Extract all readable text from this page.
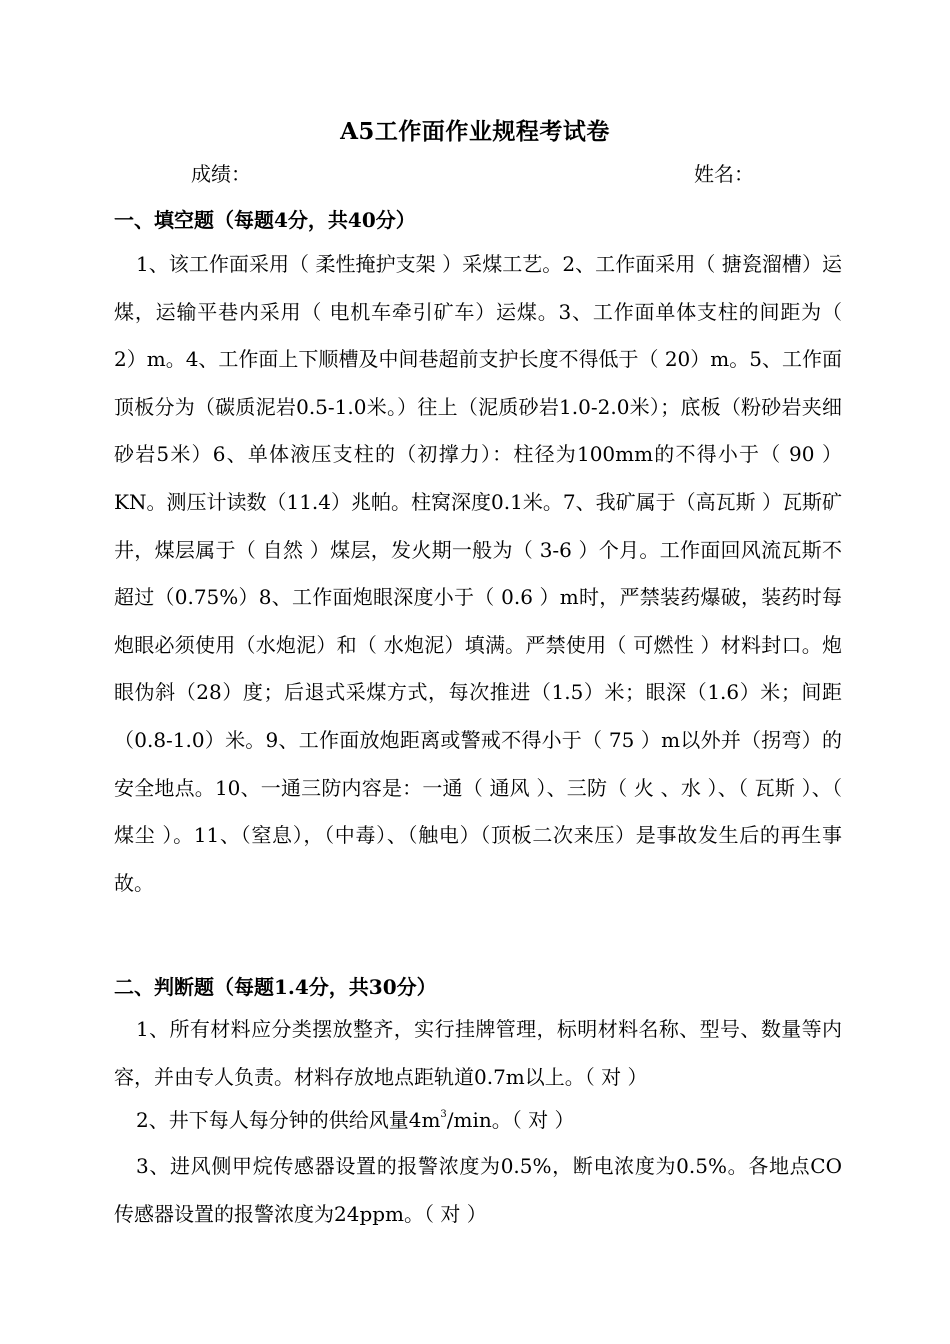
A5工作面作业规程考试卷
成绩：	姓名：
一、填空题（每题4分，共40分）
1、该工作面采用（ 柔性掩护支架 ）采煤工艺。2、工作面采用（ 搪瓷溜槽）运煤，运输平巷内采用（ 电机车牵引矿车）运煤。3、工作面单体支柱的间距为（ 2）m。4、工作面上下顺槽及中间巷超前支护长度不得低于（ 20）m。5、工作面顶板分为（碳质泥岩0.5-1.0米。）往上（泥质砂岩1.0-2.0米）；底板（粉砂岩夹细砂岩5米）6、单体液压支柱的（初撑力）：柱径为100mm的不得小于（ 90 ）KN。测压计读数（11.4）兆帕。柱窝深度0.1米。7、我矿属于（高瓦斯 ）瓦斯矿井，煤层属于（ 自然 ）煤层，发火期一般为（ 3-6 ）个月。工作面回风流瓦斯不超过（0.75%）8、工作面炮眼深度小于（ 0.6 ）m时，严禁装药爆破，装药时每炮眼必须使用（水炮泥）和（ 水炮泥）填满。严禁使用（ 可燃性 ）材料封口。炮眼伪斜（28）度；后退式采煤方式，每次推进（1.5）米；眼深（1.6）米；间距（0.8-1.0）米。9、工作面放炮距离或警戒不得小于（ 75 ）m以外并（拐弯）的安全地点。10、一通三防内容是：一通（ 通风 ）、三防（ 火 、水 ）、（ 瓦斯 ）、（ 煤尘 ）。11、（窒息），（中毒）、（触电）（顶板二次来压）是事故发生后的再生事故。
二、判断题（每题1.4分，共30分）
1、所有材料应分类摆放整齐，实行挂牌管理，标明材料名称、型号、数量等内容，并由专人负责。材料存放地点距轨道0.7m以上。（ 对 ）
2、井下每人每分钟的供给风量$4m^3/\min$。（ 对 ）
3、进风侧甲烷传感器设置的报警浓度为0.5%，断电浓度为0.5%。各地点CO传感器设置的报警浓度为24ppm。（ 对 ）
